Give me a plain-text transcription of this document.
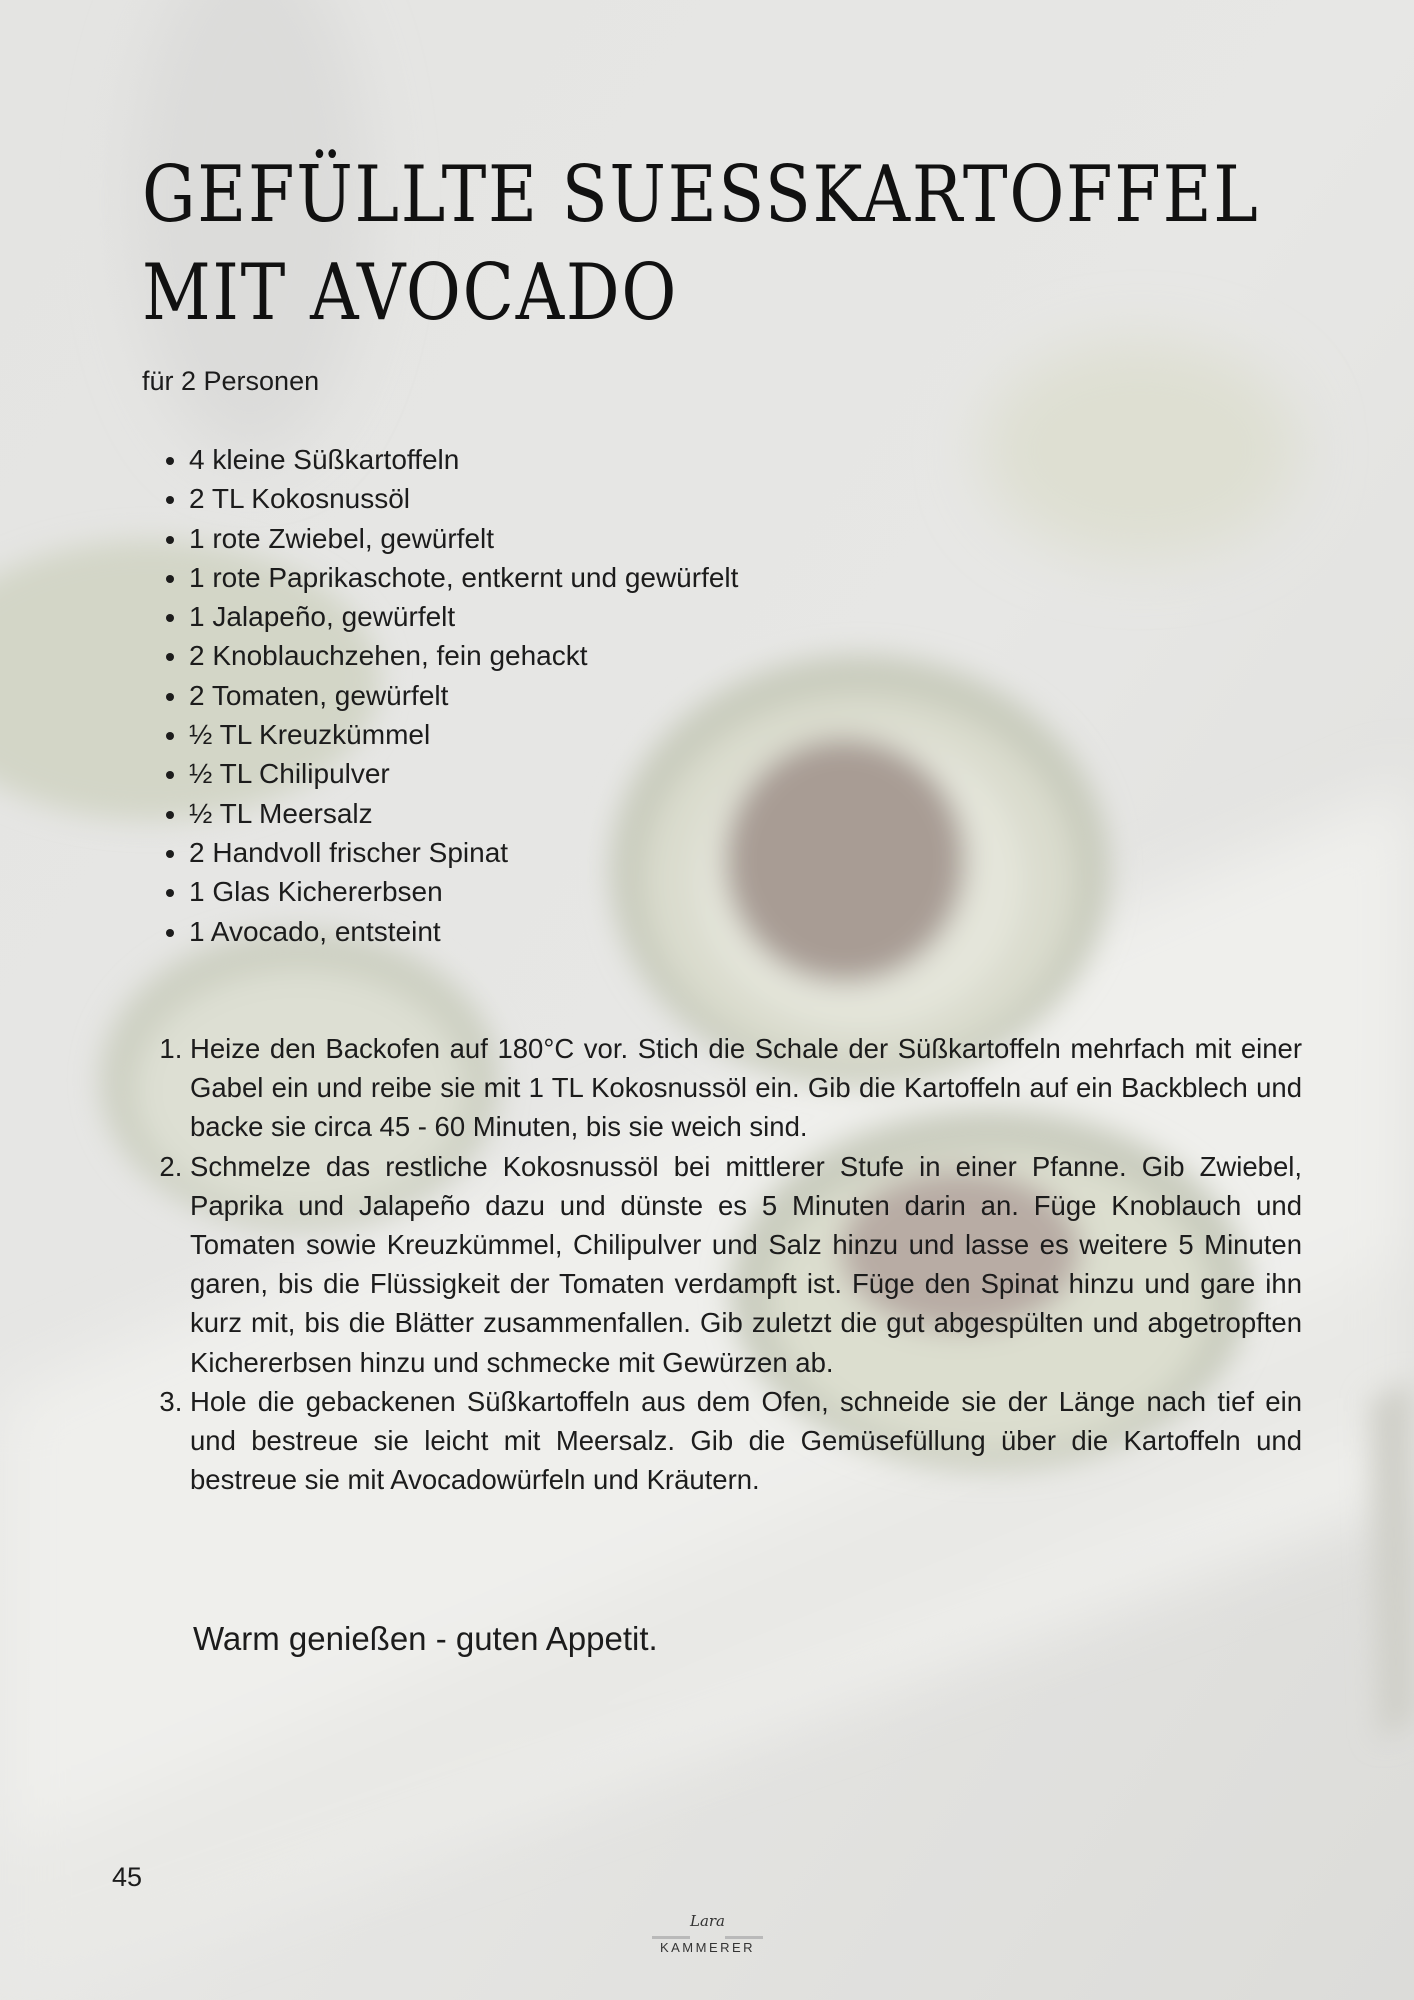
GEFÜLLTE SUESSKARTOFFEL
MIT AVOCADO

für 2 Personen

• 4 kleine Süßkartoffeln
• 2 TL Kokosnussöl
• 1 rote Zwiebel, gewürfelt
• 1 rote Paprikaschote, entkernt und gewürfelt
• 1 Jalapeño, gewürfelt
• 2 Knoblauchzehen, fein gehackt
• 2 Tomaten, gewürfelt
• ½ TL Kreuzkümmel
• ½ TL Chilipulver
• ½ TL Meersalz
• 2 Handvoll frischer Spinat
• 1 Glas Kichererbsen
• 1 Avocado, entsteint
1. Heize den Backofen auf 180°C vor. Stich die Schale der Süßkartoffeln mehrfach mit einer Gabel ein und reibe sie mit 1 TL Kokosnussöl ein. Gib die Kartoffeln auf ein Backblech und backe sie circa 45 - 60 Minuten, bis sie weich sind.
2. Schmelze das restliche Kokosnussöl bei mittlerer Stufe in einer Pfanne. Gib Zwiebel, Paprika und Jalapeño dazu und dünste es 5 Minuten darin an. Füge Knoblauch und Tomaten sowie Kreuzkümmel, Chilipulver und Salz hinzu und lasse es weitere 5 Minuten garen, bis die Flüssigkeit der Tomaten verdampft ist. Füge den Spinat hinzu und gare ihn kurz mit, bis die Blätter zusammenfallen. Gib zuletzt die gut abgespülten und abgetropften Kichererbsen hinzu und schmecke mit Gewürzen ab.
3. Hole die gebackenen Süßkartoffeln aus dem Ofen, schneide sie der Länge nach tief ein und bestreue sie leicht mit Meersalz. Gib die Gemüsefüllung über die Kartoffeln und bestreue sie mit Avocadowürfeln und Kräutern.

Warm genießen - guten Appetit.

45

Lara
KAMMERER
